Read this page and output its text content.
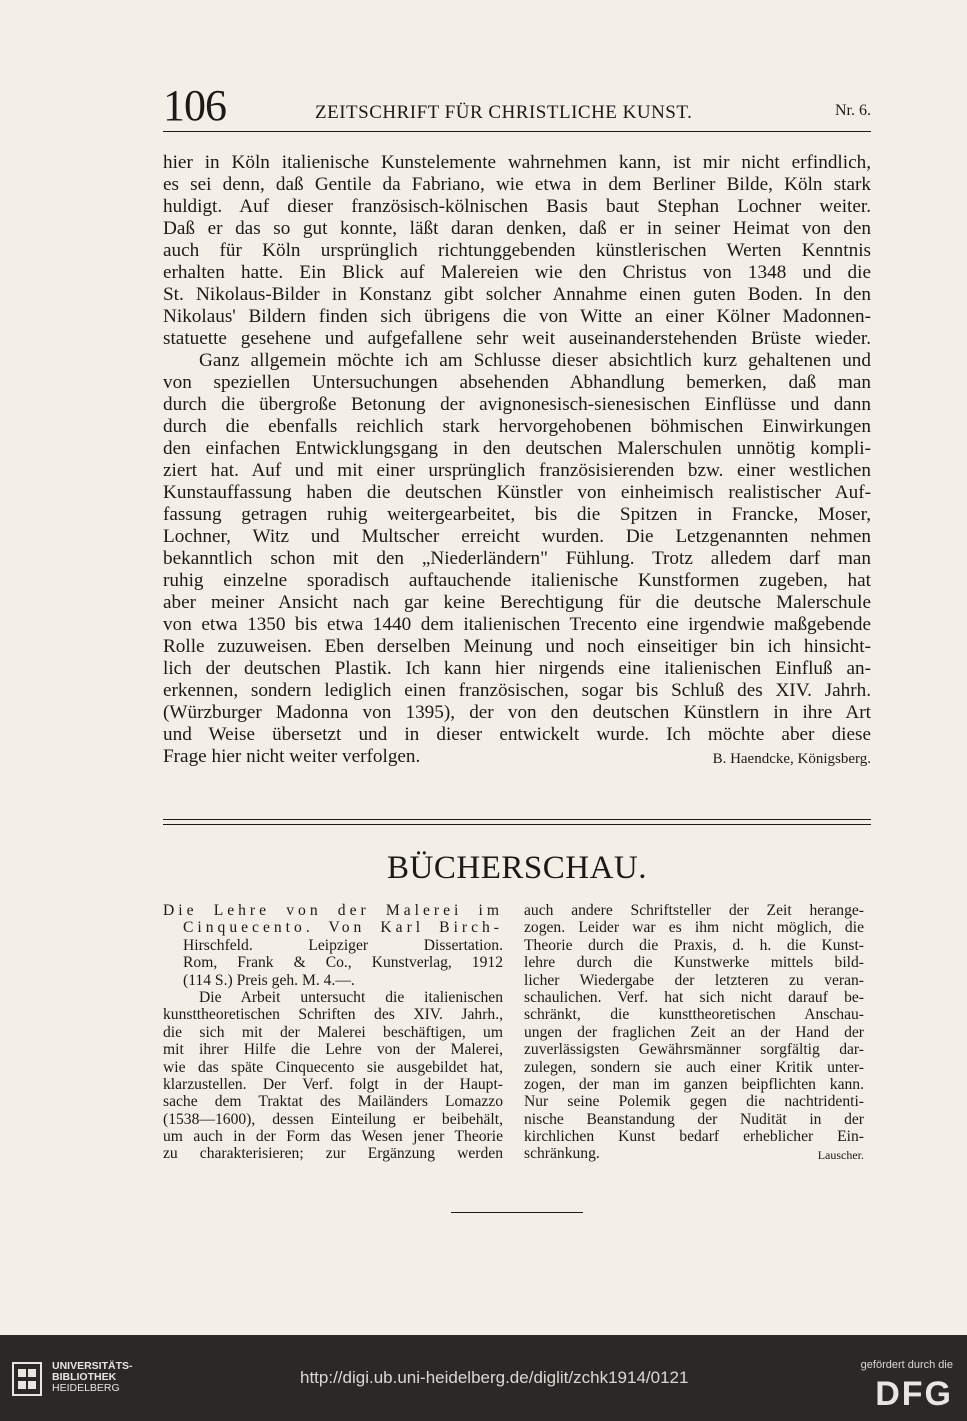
106	ZEITSCHRIFT FÜR CHRISTLICHE KUNST.	Nr. 6.
hier in Köln italienische Kunstelemente wahrnehmen kann, ist mir nicht erfindlich,
es sei denn, daß Gentile da Fabriano, wie etwa in dem Berliner Bilde, Köln stark
huldigt. Auf dieser französisch-kölnischen Basis baut Stephan Lochner weiter.
Daß er das so gut konnte, läßt daran denken, daß er in seiner Heimat von den
auch für Köln ursprünglich richtunggebenden künstlerischen Werten Kenntnis
erhalten hatte. Ein Blick auf Malereien wie den Christus von 1348 und die
St. Nikolaus-Bilder in Konstanz gibt solcher Annahme einen guten Boden. In den
Nikolaus' Bildern finden sich übrigens die von Witte an einer Kölner Madonnen-
statuette gesehene und aufgefallene sehr weit auseinanderstehenden Brüste wieder.
Ganz allgemein möchte ich am Schlusse dieser absichtlich kurz gehaltenen und
von speziellen Untersuchungen absehenden Abhandlung bemerken, daß man
durch die übergroße Betonung der avignonesisch-sienesischen Einflüsse und dann
durch die ebenfalls reichlich stark hervorgehobenen böhmischen Einwirkungen
den einfachen Entwicklungsgang in den deutschen Malerschulen unnötig kompli-
ziert hat. Auf und mit einer ursprünglich französisierenden bzw. einer westlichen
Kunstauffassung haben die deutschen Künstler von einheimisch realistischer Auf-
fassung getragen ruhig weitergearbeitet, bis die Spitzen in Francke, Moser,
Lochner, Witz und Multscher erreicht wurden. Die Letzgenannten nehmen
bekanntlich schon mit den „Niederländern" Fühlung. Trotz alledem darf man
ruhig einzelne sporadisch auftauchende italienische Kunstformen zugeben, hat
aber meiner Ansicht nach gar keine Berechtigung für die deutsche Malerschule
von etwa 1350 bis etwa 1440 dem italienischen Trecento eine irgendwie maßgebende
Rolle zuzuweisen. Eben derselben Meinung und noch einseitiger bin ich hinsicht-
lich der deutschen Plastik. Ich kann hier nirgends eine italienischen Einfluß an-
erkennen, sondern lediglich einen französischen, sogar bis Schluß des XIV. Jahrh.
(Würzburger Madonna von 1395), der von den deutschen Künstlern in ihre Art
und Weise übersetzt und in dieser entwickelt wurde. Ich möchte aber diese
Frage hier nicht weiter verfolgen.	B. Haendcke, Königsberg.
BÜCHERSCHAU.
Die Lehre von der Malerei im
Cinquecento. Von Karl Birch-
Hirschfeld. Leipziger Dissertation.
Rom, Frank & Co., Kunstverlag, 1912
(114 S.) Preis geh. M. 4.—.
Die Arbeit untersucht die italienischen
kunsttheoretischen Schriften des XIV. Jahrh.,
die sich mit der Malerei beschäftigen, um
mit ihrer Hilfe die Lehre von der Malerei,
wie das späte Cinquecento sie ausgebildet hat,
klarzustellen. Der Verf. folgt in der Haupt-
sache dem Traktat des Mailänders Lomazzo
(1538—1600), dessen Einteilung er beibehält,
um auch in der Form das Wesen jener Theorie
zu charakterisieren; zur Ergänzung werden
auch andere Schriftsteller der Zeit herange-
zogen. Leider war es ihm nicht möglich, die
Theorie durch die Praxis, d. h. die Kunst-
lehre durch die Kunstwerke mittels bild-
licher Wiedergabe der letzteren zu veran-
schaulichen. Verf. hat sich nicht darauf be-
schränkt, die kunsttheoretischen Anschau-
ungen der fraglichen Zeit an der Hand der
zuverlässigsten Gewährsmänner sorgfältig dar-
zulegen, sondern sie auch einer Kritik unter-
zogen, der man im ganzen beipflichten kann.
Nur seine Polemik gegen die nachtridenti-
nische Beanstandung der Nudität in der
kirchlichen Kunst bedarf erheblicher Ein-
schränkung.	Lauscher.
UNIVERSITÄTS-
BIBLIOTHEK
HEIDELBERG
http://digi.ub.uni-heidelberg.de/diglit/zchk1914/0121
gefördert durch die
DFG
